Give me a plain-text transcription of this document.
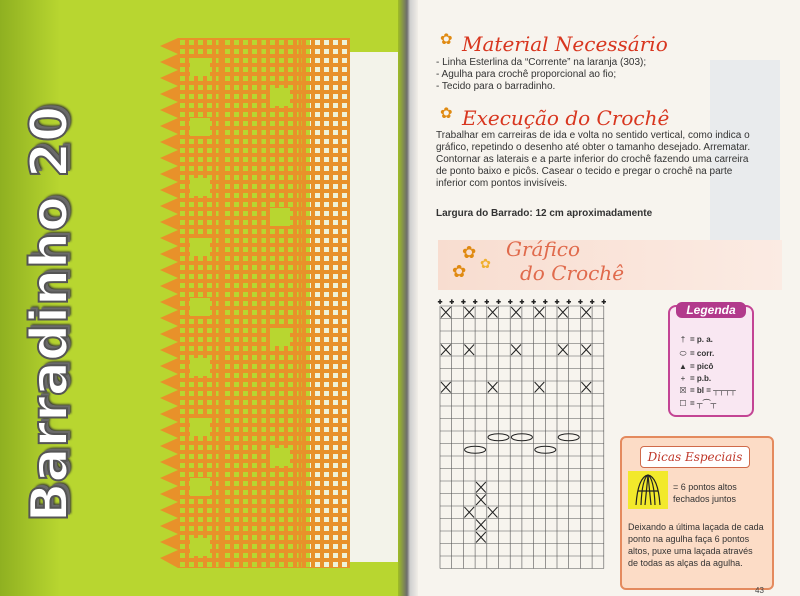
Barradinho 20
✿ Material Necessário
- Linha Esterlina da “Corrente” na laranja (303);
- Agulha para crochê proporcional ao fio;
- Tecido para o barradinho.
✿ Execução do Crochê
Trabalhar em carreiras de ida e volta no sentido vertical, como indica o
gráfico, repetindo o desenho até obter o tamanho desejado. Arrematar.
Contornar as laterais e a parte inferior do crochê fazendo uma carreira
de ponto baixo e picôs. Casear o tecido e pregar o crochê na parte
inferior com pontos invisíveis.
Largura do Barrado: 12 cm aproximadamente
✿
✿ ✿
Gráfico
do Crochê
+ + + + + + + + + + + + + + +
Legenda
† = p. a.
⬭ = corr.
▲ = picô
+ = p.b.
☒ = bl = ┬┬┬┬
☐ = ┬⌒┬
Dicas Especiais
= 6 pontos altos
fechados juntos
Deixando a última laçada de cada
ponto na agulha faça 6 pontos
altos, puxe uma laçada através
de todas as alças da agulha.
43
